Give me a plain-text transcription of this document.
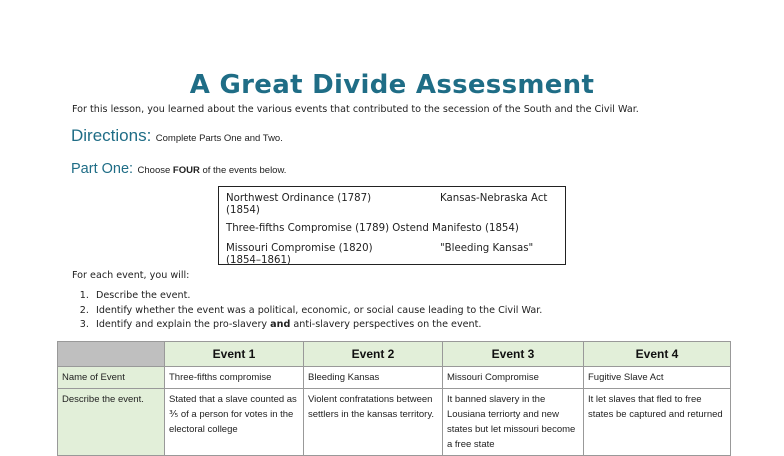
A Great Divide Assessment
For this lesson, you learned about the various events that contributed to the secession of the South and the Civil War.
Directions: Complete Parts One and Two.
Part One: Choose FOUR of the events below.
Northwest Ordinance (1787)	Kansas-Nebraska Act
(1854)
Three-fifths Compromise (1789) Ostend Manifesto (1854)
Missouri Compromise (1820)	"Bleeding Kansas"
(1854–1861)
For each event, you will:
1. Describe the event.
2. Identify whether the event was a political, economic, or social cause leading to the Civil War.
3. Identify and explain the pro-slavery and anti-slavery perspectives on the event.
	Event 1	Event 2	Event 3	Event 4
Name of Event	Three-fifths compromise	Bleeding Kansas	Missouri Compromise	Fugitive Slave Act
Describe the event.	Stated that a slave counted as ⅗ of a person for votes in the electoral college	Violent confratations between settlers in the kansas territory.	It banned slavery in the Lousiana terriorty and new states but let missouri become a free state	It let slaves that fled to free states be captured and returned
